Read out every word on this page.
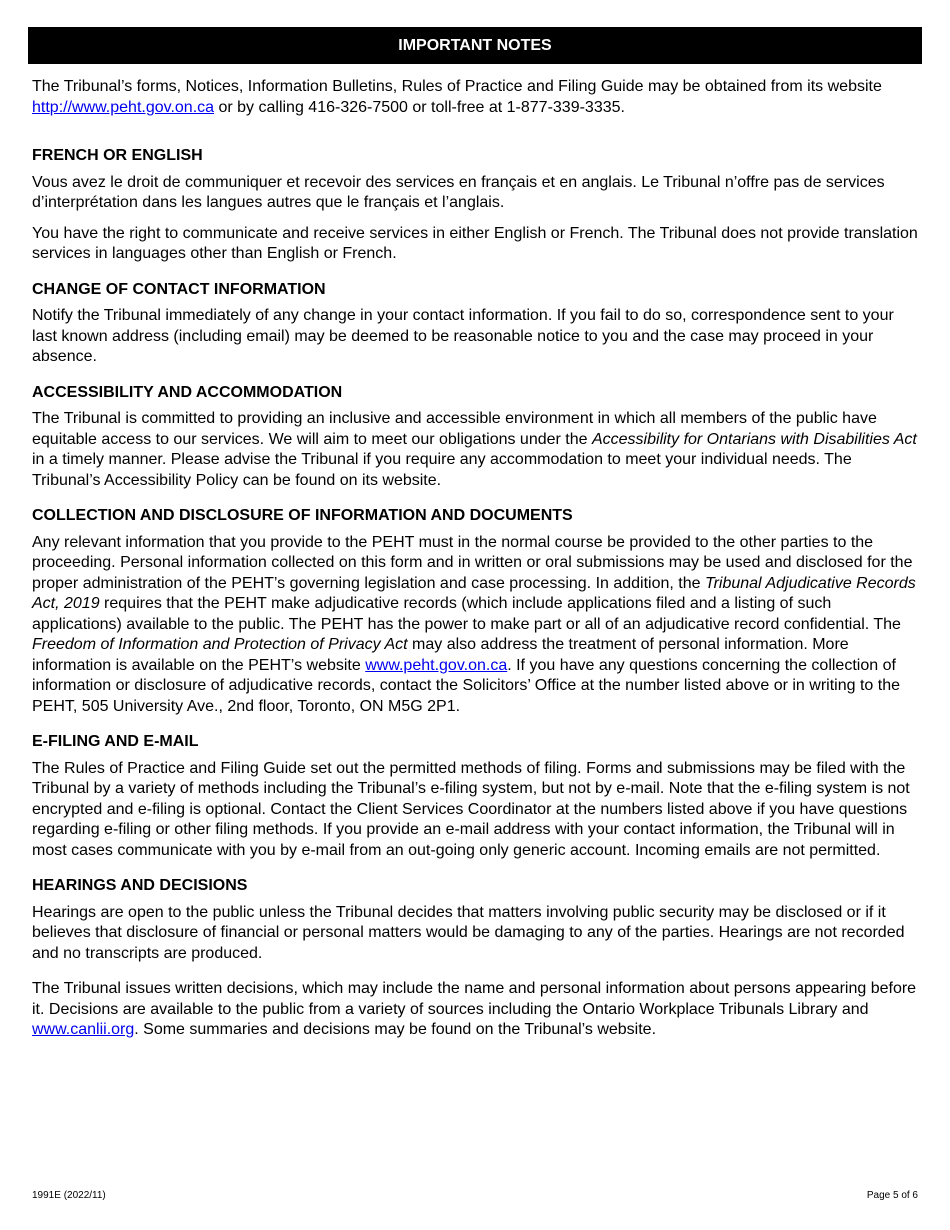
IMPORTANT NOTES

The Tribunal’s forms, Notices, Information Bulletins, Rules of Practice and Filing Guide may be obtained from its website http://www.peht.gov.on.ca or by calling 416-326-7500 or toll-free at 1-877-339-3335.

FRENCH OR ENGLISH

Vous avez le droit de communiquer et recevoir des services en français et en anglais. Le Tribunal n’offre pas de services d’interprétation dans les langues autres que le français et l’anglais.

You have the right to communicate and receive services in either English or French. The Tribunal does not provide translation services in languages other than English or French.

CHANGE OF CONTACT INFORMATION

Notify the Tribunal immediately of any change in your contact information. If you fail to do so, correspondence sent to your last known address (including email) may be deemed to be reasonable notice to you and the case may proceed in your absence.

ACCESSIBILITY AND ACCOMMODATION

The Tribunal is committed to providing an inclusive and accessible environment in which all members of the public have equitable access to our services. We will aim to meet our obligations under the Accessibility for Ontarians with Disabilities Act in a timely manner. Please advise the Tribunal if you require any accommodation to meet your individual needs. The Tribunal’s Accessibility Policy can be found on its website.

COLLECTION AND DISCLOSURE OF INFORMATION AND DOCUMENTS

Any relevant information that you provide to the PEHT must in the normal course be provided to the other parties to the proceeding. Personal information collected on this form and in written or oral submissions may be used and disclosed for the proper administration of the PEHT’s governing legislation and case processing. In addition, the Tribunal Adjudicative Records Act, 2019 requires that the PEHT make adjudicative records (which include applications filed and a listing of such applications) available to the public. The PEHT has the power to make part or all of an adjudicative record confidential. The Freedom of Information and Protection of Privacy Act may also address the treatment of personal information. More information is available on the PEHT’s website www.peht.gov.on.ca. If you have any questions concerning the collection of information or disclosure of adjudicative records, contact the Solicitors’ Office at the number listed above or in writing to the PEHT, 505 University Ave., 2nd floor, Toronto, ON M5G 2P1.

E-FILING AND E-MAIL

The Rules of Practice and Filing Guide set out the permitted methods of filing. Forms and submissions may be filed with the Tribunal by a variety of methods including the Tribunal’s e-filing system, but not by e-mail. Note that the e-filing system is not encrypted and e-filing is optional. Contact the Client Services Coordinator at the numbers listed above if you have questions regarding e-filing or other filing methods. If you provide an e-mail address with your contact information, the Tribunal will in most cases communicate with you by e-mail from an out-going only generic account. Incoming emails are not permitted.

HEARINGS AND DECISIONS

Hearings are open to the public unless the Tribunal decides that matters involving public security may be disclosed or if it believes that disclosure of financial or personal matters would be damaging to any of the parties. Hearings are not recorded and no transcripts are produced.

The Tribunal issues written decisions, which may include the name and personal information about persons appearing before it. Decisions are available to the public from a variety of sources including the Ontario Workplace Tribunals Library and www.canlii.org. Some summaries and decisions may be found on the Tribunal’s website.

1991E (2022/11)	Page 5 of 6
